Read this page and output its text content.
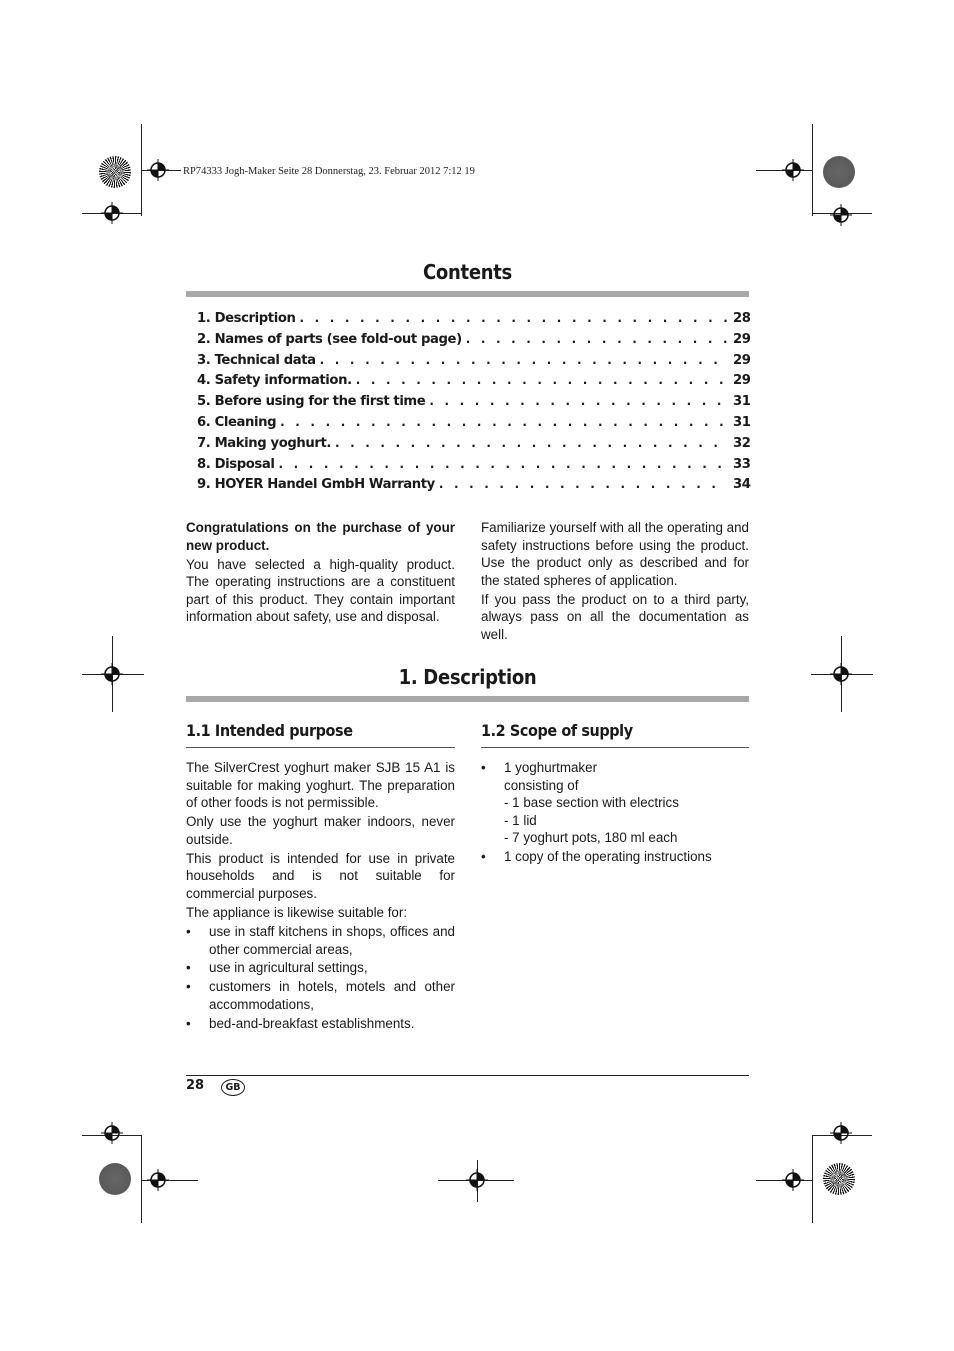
RP74333 Jogh-Maker Seite 28 Donnerstag, 23. Februar 2012 7:12 19
Contents
1. Description . . .	28
2. Names of parts (see fold-out page) . . .	29
3. Technical data . . .	29
4. Safety information. . . .	29
5. Before using for the first time . . .	31
6. Cleaning . . .	31
7. Making yoghurt. . . .	32
8. Disposal . . .	33
9. HOYER Handel GmbH Warranty . . .	34

Congratulations on the purchase of your new product.

You have selected a high-quality product. The operating instructions are a constituent part of this product. They contain important information about safety, use and disposal.

Familiarize yourself with all the operating and safety instructions before using the product. Use the product only as described and for the stated spheres of application.

If you pass the product on to a third party, always pass on all the documentation as well.

1. Description
1.1 Intended purpose

The SilverCrest yoghurt maker SJB 15 A1 is suitable for making yoghurt. The preparation of other foods is not permissible.

Only use the yoghurt maker indoors, never outside.

This product is intended for use in private households and is not suitable for commercial purposes.

The appliance is likewise suitable for:

• use in staff kitchens in shops, offices and other commercial areas,
• use in agricultural settings,
• customers in hotels, motels and other accommodations,
• bed-and-breakfast establishments.
1.2 Scope of supply
• 1 yoghurtmaker
consisting of
- 1 base section with electrics
- 1 lid
- 7 yoghurt pots, 180 ml each
• 1 copy of the operating instructions
28	GB
